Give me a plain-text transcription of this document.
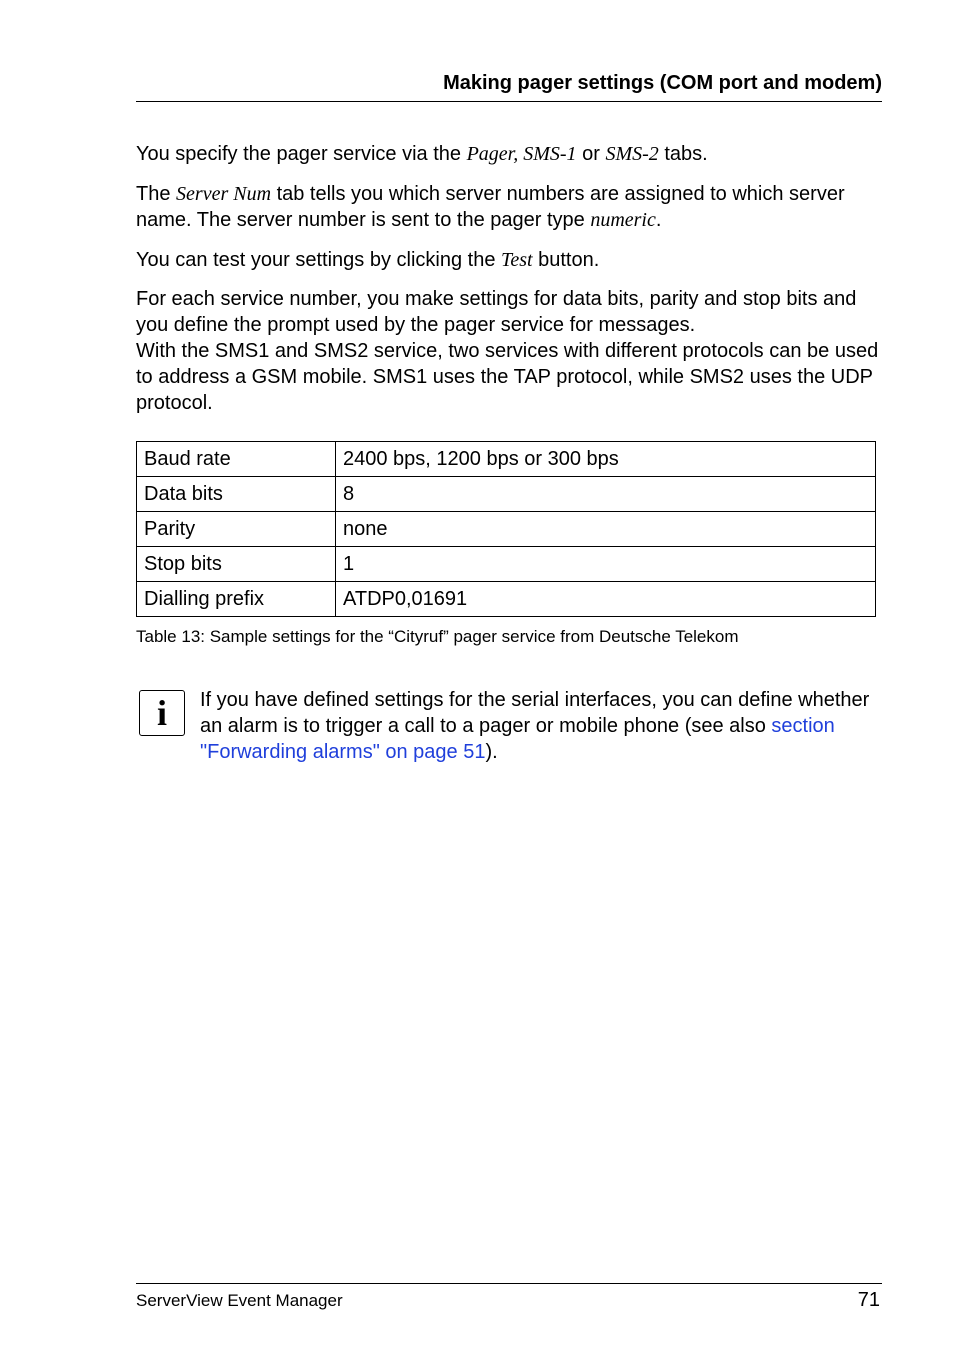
Making pager settings (COM port and modem)

You specify the pager service via the Pager, SMS-1 or SMS-2 tabs.

The Server Num tab tells you which server numbers are assigned to which server name. The server number is sent to the pager type numeric.

You can test your settings by clicking the Test button.

For each service number, you make settings for data bits, parity and stop bits and you define the prompt used by the pager service for messages.
With the SMS1 and SMS2 service, two services with different protocols can be used to address a GSM mobile. SMS1 uses the TAP protocol, while SMS2 uses the UDP protocol.

Baud rate	2400 bps, 1200 bps or 300 bps
Data bits	8
Parity	none
Stop bits	1
Dialling prefix	ATDP0,01691
Table 13: Sample settings for the “Cityruf” pager service from Deutsche Telekom
i	If you have defined settings for the serial interfaces, you can define whether an alarm is to trigger a call to a pager or mobile phone (see also section "Forwarding alarms" on page 51).

ServerView Event Manager	71
